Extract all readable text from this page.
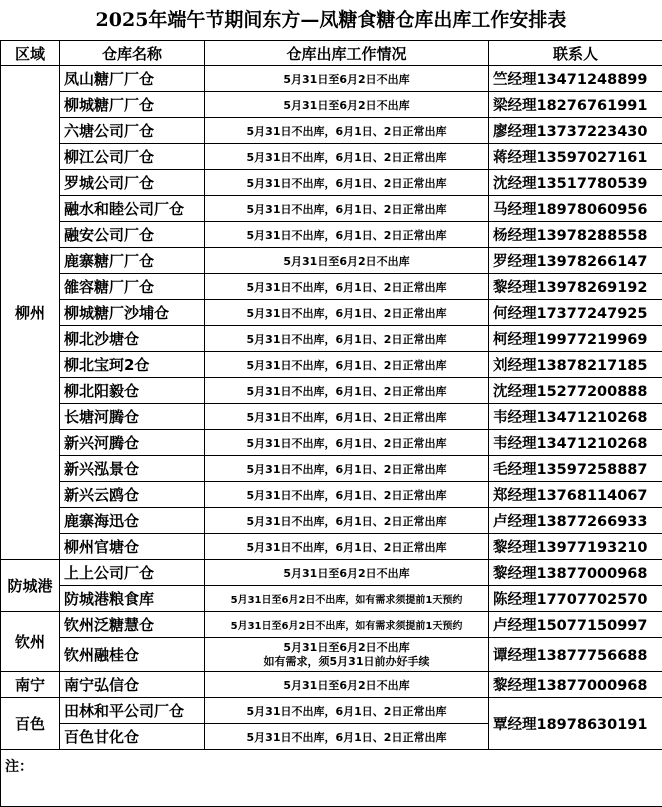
2025年端午节期间东方—凤糖食糖仓库出库工作安排表
区域	仓库名称	仓库出库工作情况	联系人
柳州	凤山糖厂厂仓	5月31日至6月2日不出库	竺经理13471248899
	柳城糖厂厂仓	5月31日至6月2日不出库	梁经理18276761991
	六塘公司厂仓	5月31日不出库，6月1日、2日正常出库	廖经理13737223430
	柳江公司厂仓	5月31日不出库，6月1日、2日正常出库	蒋经理13597027161
	罗城公司厂仓	5月31日不出库，6月1日、2日正常出库	沈经理13517780539
	融水和睦公司厂仓	5月31日不出库，6月1日、2日正常出库	马经理18978060956
	融安公司厂仓	5月31日不出库，6月1日、2日正常出库	杨经理13978288558
	鹿寨糖厂厂仓	5月31日至6月2日不出库	罗经理13978266147
	雒容糖厂厂仓	5月31日不出库，6月1日、2日正常出库	黎经理13978269192
	柳城糖厂沙埔仓	5月31日不出库，6月1日、2日正常出库	何经理17377247925
	柳北沙塘仓	5月31日不出库，6月1日、2日正常出库	柯经理19977219969
	柳北宝珂2仓	5月31日不出库，6月1日、2日正常出库	刘经理13878217185
	柳北阳毅仓	5月31日不出库，6月1日、2日正常出库	沈经理15277200888
	长塘河腾仓	5月31日不出库，6月1日、2日正常出库	韦经理13471210268
	新兴河腾仓	5月31日不出库，6月1日、2日正常出库	韦经理13471210268
	新兴泓景仓	5月31日不出库，6月1日、2日正常出库	毛经理13597258887
	新兴云鸥仓	5月31日不出库，6月1日、2日正常出库	郑经理13768114067
	鹿寨海迅仓	5月31日不出库，6月1日、2日正常出库	卢经理13877266933
	柳州官塘仓	5月31日不出库，6月1日、2日正常出库	黎经理13977193210
防城港	上上公司厂仓	5月31日至6月2日不出库	黎经理13877000968
	防城港粮食库	5月31日至6月2日不出库，如有需求须提前1天预约	陈经理17707702570
钦州	钦州泛糖慧仓	5月31日至6月2日不出库，如有需求须提前1天预约	卢经理15077150997
	钦州融桂仓	5月31日至6月2日不出库
如有需求，须5月31日前办好手续	谭经理13877756688
南宁	南宁弘信仓	5月31日至6月2日不出库	黎经理13877000968
百色	田林和平公司厂仓	5月31日不出库，6月1日、2日正常出库	覃经理18978630191
	百色甘化仓	5月31日不出库，6月1日、2日正常出库	
注：			
